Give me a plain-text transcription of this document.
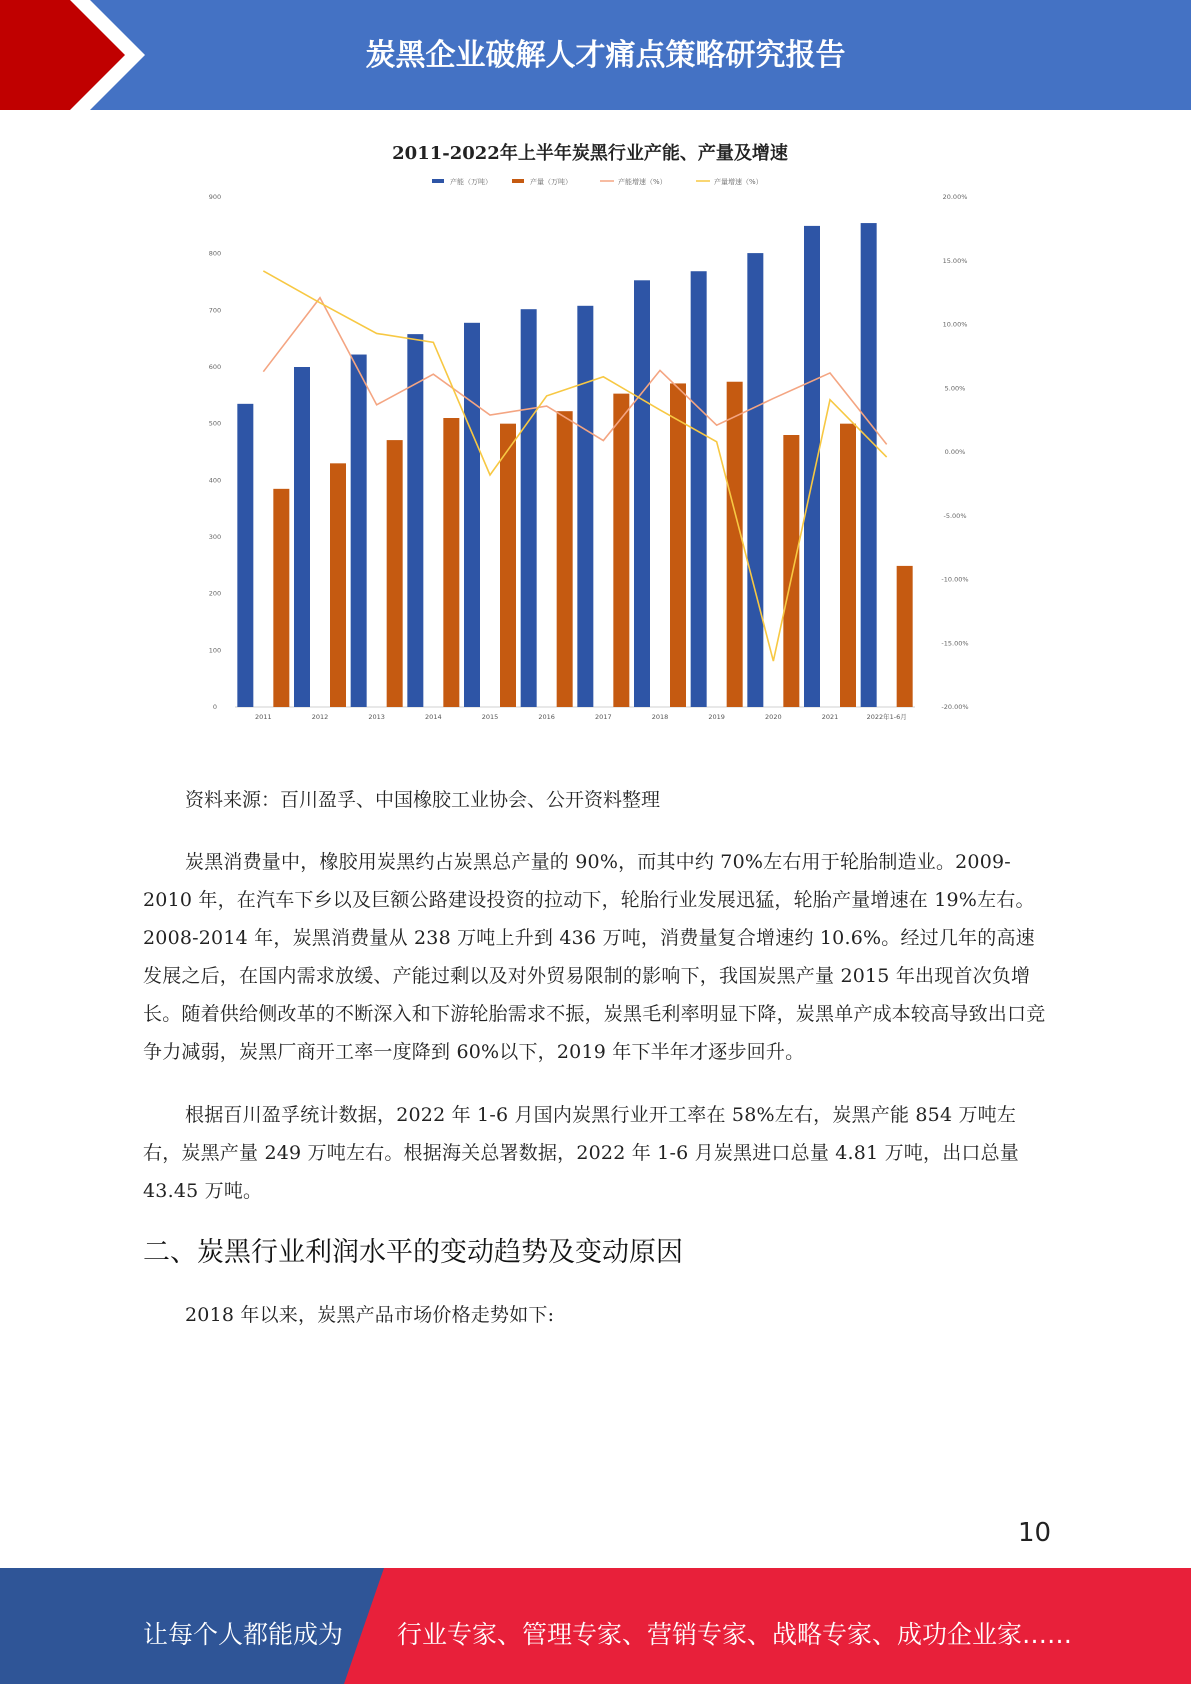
炭黑企业破解人才痛点策略研究报告
2011-2022年上半年炭黑行业产能、产量及增速
产能（万吨）	产量（万吨）	产能增速（%）	产量增速（%）
0
100
200
300
400
500
600
700
800
900
-20.00%
-15.00%
-10.00%
-5.00%
0.00%
5.00%
10.00%
15.00%
20.00%
2011	2012	2013	2014	2015	2016	2017	2018	2019	2020	2021	2022年1-6月
资料来源：百川盈孚、中国橡胶工业协会、公开资料整理

炭黑消费量中，橡胶用炭黑约占炭黑总产量的 90%，而其中约 70%左右用于轮胎制造业。2009-2010 年，在汽车下乡以及巨额公路建设投资的拉动下，轮胎行业发展迅猛，轮胎产量增速在 19%左右。2008-2014 年，炭黑消费量从 238 万吨上升到 436 万吨，消费量复合增速约 10.6%。经过几年的高速发展之后，在国内需求放缓、产能过剩以及对外贸易限制的影响下，我国炭黑产量 2015 年出现首次负增长。随着供给侧改革的不断深入和下游轮胎需求不振，炭黑毛利率明显下降，炭黑单产成本较高导致出口竞争力减弱，炭黑厂商开工率一度降到 60%以下，2019 年下半年才逐步回升。

根据百川盈孚统计数据，2022 年 1-6 月国内炭黑行业开工率在 58%左右，炭黑产能 854 万吨左右，炭黑产量 249 万吨左右。根据海关总署数据，2022 年 1-6 月炭黑进口总量 4.81 万吨，出口总量 43.45 万吨。

二、炭黑行业利润水平的变动趋势及变动原因

2018 年以来，炭黑产品市场价格走势如下:

10
让每个人都能成为 行业专家、管理专家、营销专家、战略专家、成功企业家……
